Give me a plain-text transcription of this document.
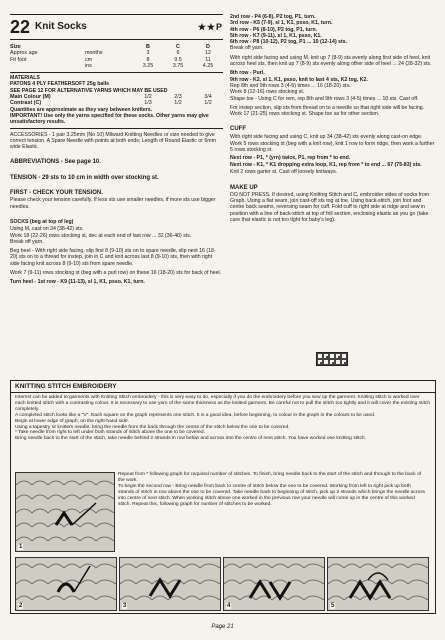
22 Knit Socks	★★P
Size		B	C	D
Approx age	months	3	6	12
Fit foot	cm	8	9.5	11
	ins	3.25	3.75	4.25
MATERIALS
PATONS 4 PLY FEATHERSOFT 25g balls
SEE PAGE 12 FOR ALTERNATIVE YARNS WHICH MAY BE USED
Main Colour (M)	1/2	2/3	3/4
Contrast (C)	1/3	1/2	1/2
Quantities are approximate as they vary between knitters.
IMPORTANT! Use only the yarns specified for these socks. Other yarns may give unsatisfactory results.

ACCESSORIES - 1 pair 3.25mm (No 10) Milward Knitting Needles or size needed to give correct tension. A Spare Needle with points at both ends; Length of Round Elastic or 6mm wide Elastic.

ABBREVIATIONS - See page 10.

TENSION - 29 sts to 10 cm in width over stocking st.

FIRST - CHECK YOUR TENSION.

Please check your tension carefully. If less sts use smaller needles, if more sts use bigger needles.

SOCKS (beg at top of leg)

Using M, cast on 34 (38-42) sts.

Work 18 (22-26) rows stocking st, dec at each end of last row ... 32 (36-40) sts.

Break off yarn.

Beg heel - With right side facing, slip first 8 (9-10) sts on to spare needle, slip next 16 (18-20) sts on to a thread for instep, join in C and knit across last 8 (9-10) sts, then with right side facing knit across 8 (9-10) sts from spare needle.

Work 7 (9-11) rows stocking st (beg with a purl row) on these 16 (18-20) sts for back of heel.

Turn heel - 1st row - K9 (11-13), sl 1, K1, psso, K1, turn.

2nd row - P4 (6-8), P2 tog, P1, turn.

3rd row - K5 (7-9), sl 1, K1, psso, K1, turn.

4th row - P6 (8-10), P2 tog, P1, turn.

5th row - K7 (9-11), sl 1, K1, psso, K1.

6th row - P8 (10-12), P2 tog, P1 ... 10 (12-14) sts.

Break off yarn.

With right side facing and using M, knit up 7 (8-9) sts evenly along first side of heel, knit across heel sts, then knit up 7 (8-9) sts evenly along other side of heel ... 24 (28-32) sts.

8th row - Purl.

9th row - K2, sl 1, K1, psso, knit to last 4 sts, K2 tog, K2.

Rep 8th and 9th rows 3 (4-5) times ... 16 (18-20) sts.

Work 8 (12-16) rows stocking st.

Shape toe - Using C for rem, rep 8th and 9th rows 3 (4-5) times ... 10 sts. Cast off.

For instep section, slip sts from thread on to a needle so that right side will be facing.

Work 17 (21-25) rows stocking st. Shape toe as for other section.

CUFF

With right side facing and using C, knit up 34 (38-42) sts evenly along cast-on edge.

Work 5 rows stocking st (beg with a knit row), knit 1 row to form ridge, then work a further 5 rows stocking st.

Next row - P1, * (yrn) twice, P1, rep from * to end.

Next row - K1, * K1 dropping extra loop, K1, rep from * to end ... 67 (75-83) sts.

Knit 2 rows garter st. Cast off loosely knitways.

MAKE UP

DO NOT PRESS. If desired, using Knitting Stitch and C, embroider sides of socks from Graph. Using a flat seam, join cast-off sts tog at toe. Using back-stitch, join foot and centre back seams, reversing seam for cuff. Fold cuff to right side at ridge and sew in position with a line of back-stitch at top of frill section, enclosing elastic as you go (take care that elastic is not too tight for baby's leg).

KNITTING STITCH EMBROIDERY

Interest can be added to garments with Knitting Stitch embroidery - this is very easy to do, especially if you do the embroidery before you sew up the garment. Knitting stitch is worked over each knitted stitch with a contrasting colour. It is necessary to use yarn of the same thickness as the knitted garment. Be careful not to pull the stitch too tightly and it will cover the existing stitch completely.

A completed stitch looks like a "V". Each square on the graph represents one stitch. It is a good idea, before beginning, to colour in the graph in the colours to be used.

Begin at lower edge of graph, on the right-hand side.

Using a tapestry or knitters needle, bring the needle from the back through the centre of the stitch below the one to be covered.

* Take needle from right to left under both strands of stitch above the one to be covered.

Bring needle back to the start of the stitch, take needle behind 2 strands in row below and across into the centre of next stitch. You have worked one knitting stitch.

Repeat from * following graph for required number of stitches. To finish, bring needle back to the start of the stitch and through to the back of the work.
To begin the second row - Bring needle from back to centre of stitch below the one to be covered. Working from left to right pick up both strands of stitch in row above the one to be covered. Take needle back to beginning of stitch, pick up 2 strands which brings the needle across into centre of next stitch. When working stitch above one worked in the previous row your needle will come up in the centre of this worked stitch. Repeat this, following graph for number of stitches to be worked.
1
2	3	4	5
Page 21
